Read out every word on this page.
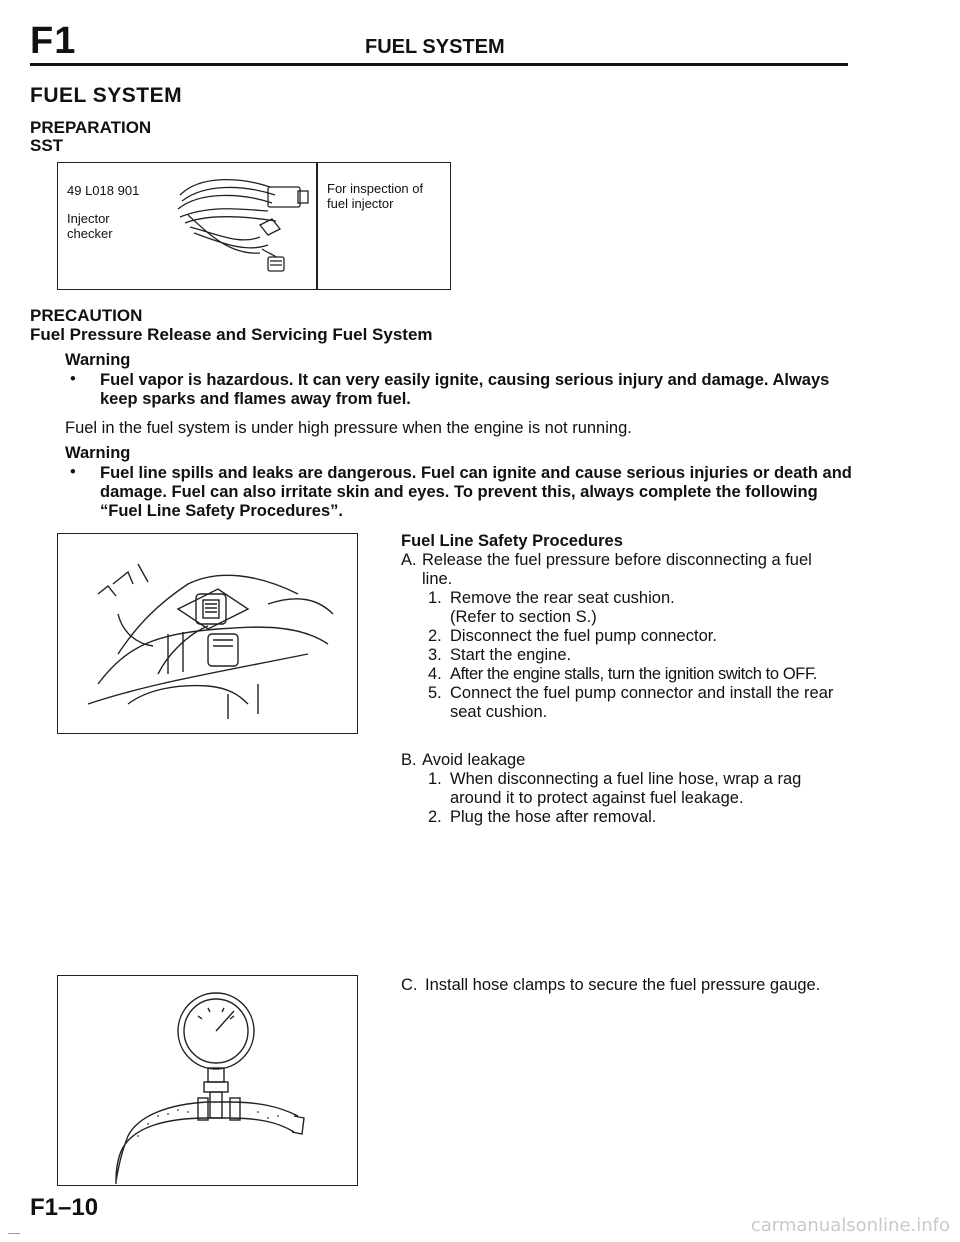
F1	FUEL SYSTEM
FUEL SYSTEM
PREPARATION
SST
49 L018 901
Injector checker
For inspection of fuel injector
PRECAUTION
Fuel Pressure Release and Servicing Fuel System
Warning
• Fuel vapor is hazardous. It can very easily ignite, causing serious injury and damage. Always keep sparks and flames away from fuel.
Fuel in the fuel system is under high pressure when the engine is not running.
Warning
• Fuel line spills and leaks are dangerous. Fuel can ignite and cause serious injuries or death and damage. Fuel can also irritate skin and eyes. To prevent this, always complete the following “Fuel Line Safety Procedures”.
Fuel Line Safety Procedures
A. Release the fuel pressure before disconnecting a fuel line.
1. Remove the rear seat cushion.
(Refer to section S.)
2. Disconnect the fuel pump connector.
3. Start the engine.
4. After the engine stalls, turn the ignition switch to OFF.
5. Connect the fuel pump connector and install the rear seat cushion.
B. Avoid leakage
1. When disconnecting a fuel line hose, wrap a rag around it to protect against fuel leakage.
2. Plug the hose after removal.
C. Install hose clamps to secure the fuel pressure gauge.
F1–10
carmanualsonline.info
